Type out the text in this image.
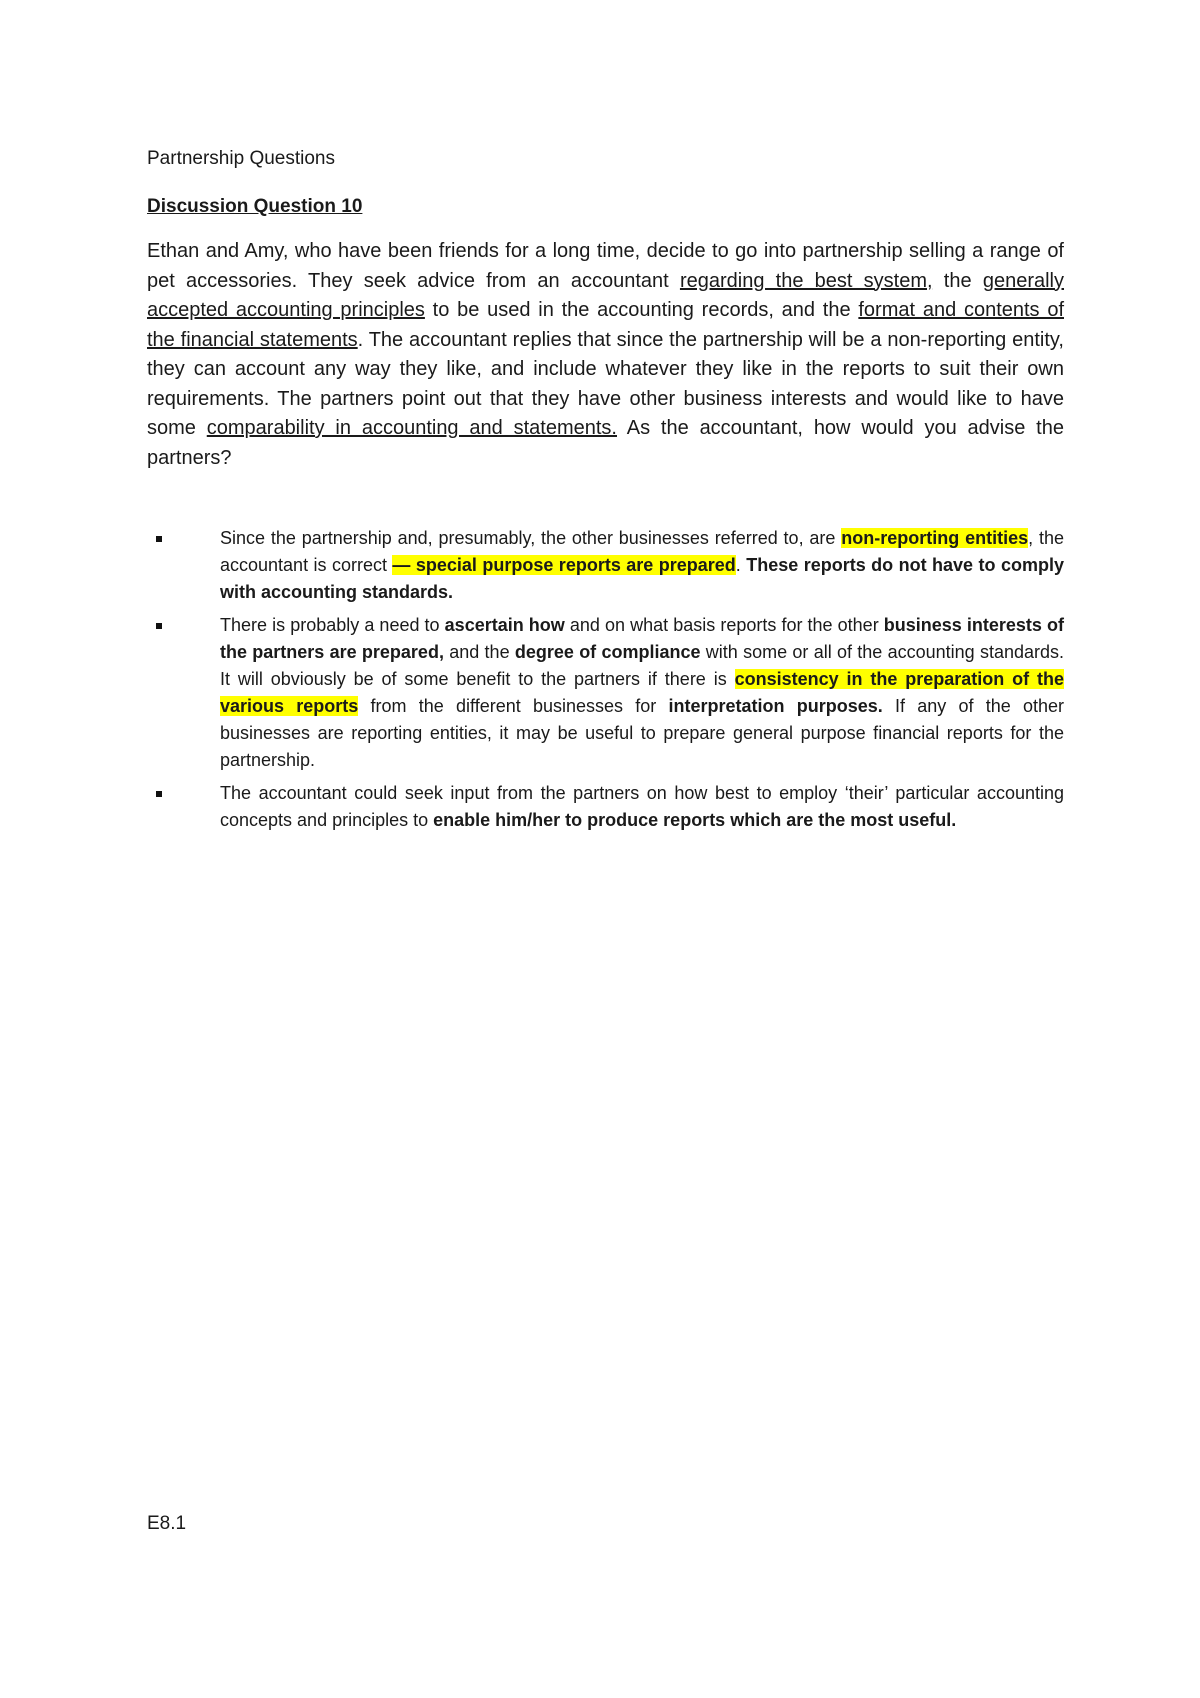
Partnership Questions
Discussion Question 10

Ethan and Amy, who have been friends for a long time, decide to go into partnership selling a range of pet accessories. They seek advice from an accountant regarding the best system, the generally accepted accounting principles to be used in the accounting records, and the format and contents of the financial statements. The accountant replies that since the partnership will be a non-reporting entity, they can account any way they like, and include whatever they like in the reports to suit their own requirements. The partners point out that they have other business interests and would like to have some comparability in accounting and statements. As the accountant, how would you advise the partners?

Since the partnership and, presumably, the other businesses referred to, are non-reporting entities, the accountant is correct — special purpose reports are prepared. These reports do not have to comply with accounting standards.
There is probably a need to ascertain how and on what basis reports for the other business interests of the partners are prepared, and the degree of compliance with some or all of the accounting standards. It will obviously be of some benefit to the partners if there is consistency in the preparation of the various reports from the different businesses for interpretation purposes. If any of the other businesses are reporting entities, it may be useful to prepare general purpose financial reports for the partnership.
The accountant could seek input from the partners on how best to employ ‘their’ particular accounting concepts and principles to enable him/her to produce reports which are the most useful.

E8.1
